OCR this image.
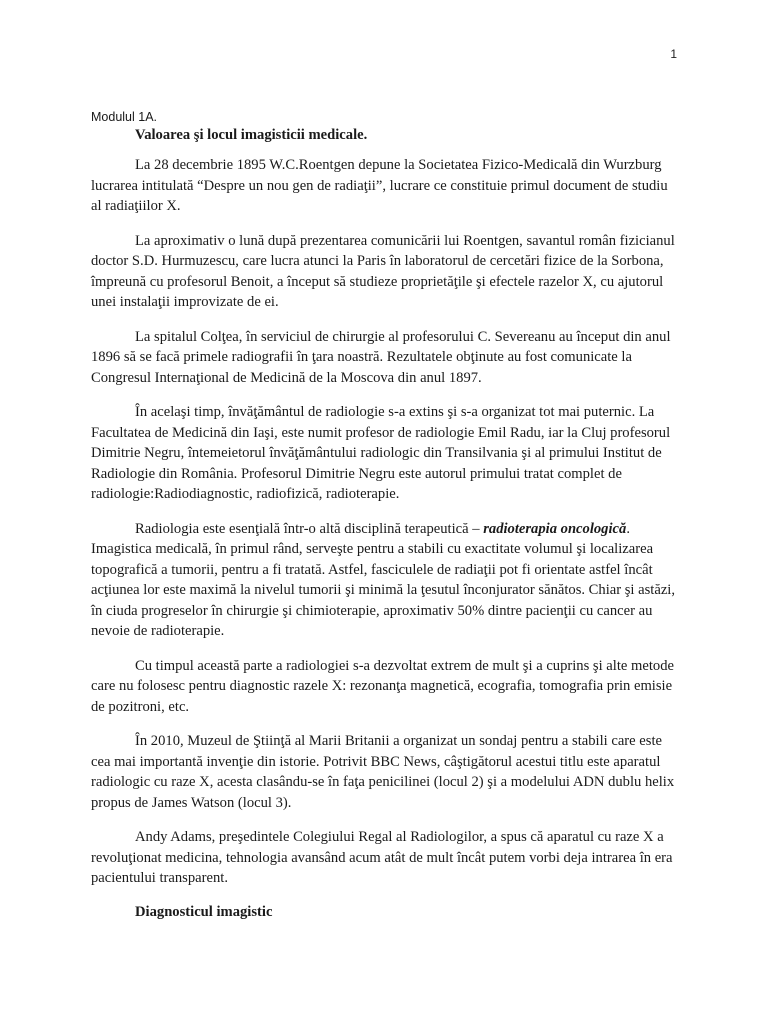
1

Modulul 1A.

Valoarea şi locul imagisticii medicale.

La 28 decembrie 1895 W.C.Roentgen depune la Societatea Fizico-Medicală din Wurzburg lucrarea intitulată “Despre un nou gen de radiaţii”, lucrare ce constituie primul document de studiu al radiaţiilor X.

La aproximativ o lună după prezentarea comunicării lui Roentgen, savantul român fizicianul doctor S.D. Hurmuzescu, care lucra atunci la Paris în laboratorul de cercetări fizice de la Sorbona, împreună cu profesorul Benoit, a început să studieze proprietăţile şi efectele razelor X, cu ajutorul unei instalaţii improvizate de ei.

La spitalul Colţea, în serviciul de chirurgie al profesorului C. Severeanu au început din anul 1896 să se facă primele radiografii în ţara noastră. Rezultatele obţinute au fost comunicate la Congresul Internaţional de Medicină de la Moscova din anul 1897.

În acelaşi timp, învăţământul de radiologie s-a extins şi s-a organizat tot mai puternic. La Facultatea de Medicină din Iaşi, este numit profesor de radiologie Emil Radu, iar la Cluj profesorul Dimitrie Negru, întemeietorul învăţământului radiologic din Transilvania şi al primului Institut de Radiologie din România. Profesorul Dimitrie Negru este autorul primului tratat complet de radiologie:Radiodiagnostic, radiofizică, radioterapie.

Radiologia este esenţială într-o altă disciplină terapeutică – radioterapia oncologică. Imagistica medicală, în primul rând, serveşte pentru a stabili cu exactitate volumul şi localizarea topografică a tumorii, pentru a fi tratată. Astfel, fasciculele de radiaţii pot fi orientate astfel încât acţiunea lor este maximă la nivelul tumorii şi minimă la ţesutul înconjurator sănătos. Chiar şi astăzi, în ciuda progreselor în chirurgie şi chimioterapie, aproximativ 50% dintre pacienţii cu cancer au nevoie de radioterapie.

Cu timpul această parte a radiologiei s-a dezvoltat extrem de mult şi a cuprins şi alte metode care nu folosesc pentru diagnostic razele X: rezonanţa magnetică, ecografia, tomografia prin emisie de pozitroni, etc.

În 2010, Muzeul de Ştiinţă al Marii Britanii a organizat un sondaj pentru a stabili care este cea mai importantă invenţie din istorie. Potrivit BBC News, câştigătorul acestui titlu este aparatul radiologic cu raze X, acesta clasându-se în faţa penicilinei (locul 2) şi a modelului ADN dublu helix propus de James Watson (locul 3).

Andy Adams, preşedintele Colegiului Regal al Radiologilor, a spus că aparatul cu raze X a revoluţionat medicina, tehnologia avansând acum atât de mult încât putem vorbi deja intrarea în era pacientului transparent.

Diagnosticul imagistic
